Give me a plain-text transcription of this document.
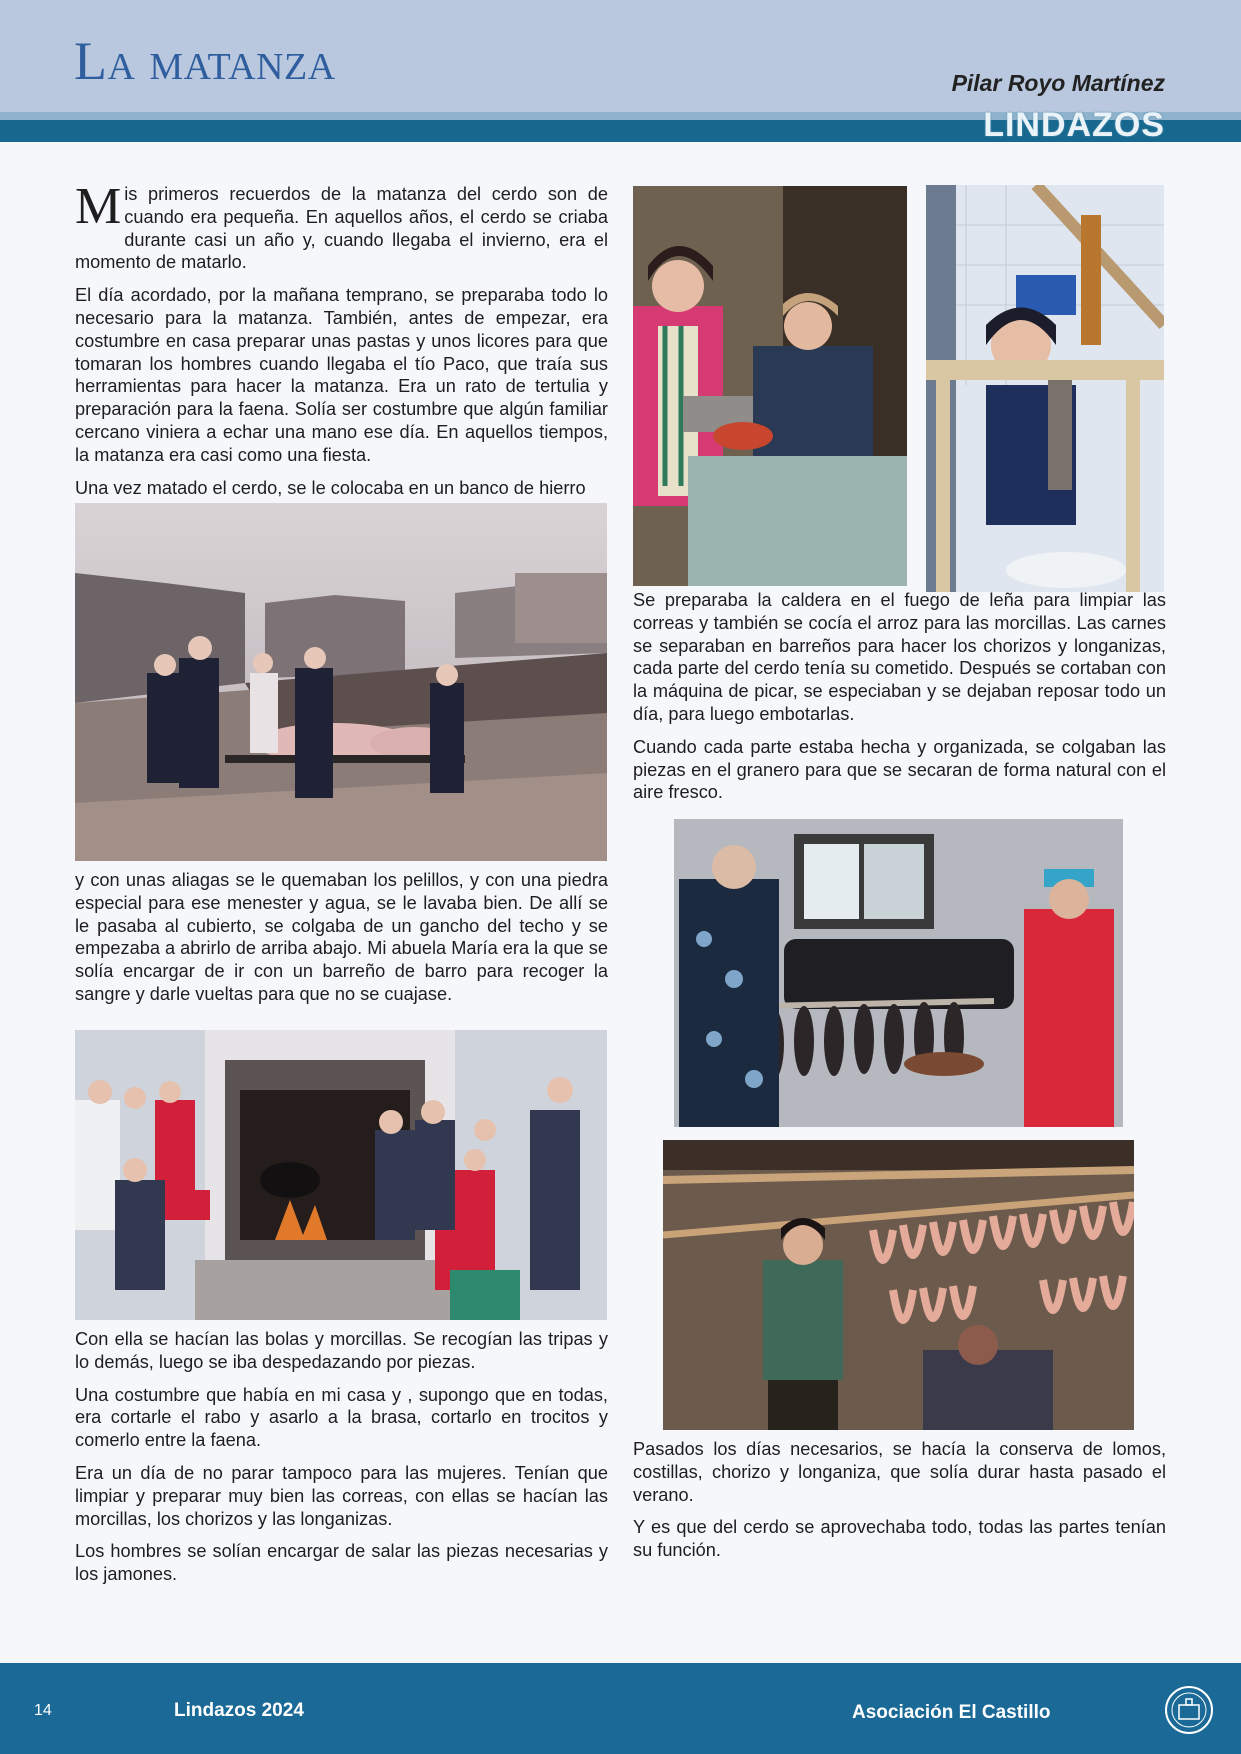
La matanza	Pilar Royo Martínez
LINDAZOS

Mis primeros recuerdos de la matanza del cerdo son de cuando era pequeña. En aquellos años, el cerdo se criaba durante casi un año y, cuando llegaba el invierno, era el momento de matarlo.

El día acordado, por la mañana temprano, se preparaba todo lo necesario para la matanza. También, antes de empezar, era costumbre en casa preparar unas pastas y unos licores para que tomaran los hombres cuando llegaba el tío Paco, que traía sus herramientas para hacer la matanza. Era un rato de tertulia y preparación para la faena. Solía ser costumbre que algún familiar cercano viniera a echar una mano ese día. En aquellos tiempos, la matanza era casi como una fiesta.

Una vez matado el cerdo, se le colocaba en un banco de hierro

y con unas aliagas se le quemaban los pelillos, y con una piedra especial para ese menester y agua, se le lavaba bien. De allí se le pasaba al cubierto, se colgaba de un gancho del techo y se empezaba a abrirlo de arriba abajo. Mi abuela María era la que se solía encargar de ir con un barreño de barro para recoger la sangre y darle vueltas para que no se cuajase.

Con ella se hacían las bolas y morcillas. Se recogían las tripas y lo demás, luego se iba despedazando por piezas.

Una costumbre que había en mi casa y , supongo que en todas, era cortarle el rabo y asarlo a la brasa, cortarlo en trocitos y comerlo entre la faena.

Era un día de no parar tampoco para las mujeres. Tenían que limpiar y preparar muy bien las correas, con ellas se hacían las morcillas, los chorizos y las longanizas.

Los hombres se solían encargar de salar las piezas necesarias y los jamones.

Se preparaba la caldera en el fuego de leña para limpiar las correas y también se cocía el arroz para las morcillas. Las carnes se separaban en barreños para hacer los chorizos y longanizas, cada parte del cerdo tenía su cometido. Después se cortaban con la máquina de picar, se especiaban y se dejaban reposar todo un día, para luego embotarlas.

Cuando cada parte estaba hecha y organizada, se colgaban las piezas en el granero para que se secaran de forma natural con el aire fresco.

Pasados los días necesarios, se hacía la conserva de lomos, costillas, chorizo y longaniza, que solía durar hasta pasado el verano.

Y es que del cerdo se aprovechaba todo, todas las partes tenían su función.

14	Lindazos 2024	Asociación El Castillo
